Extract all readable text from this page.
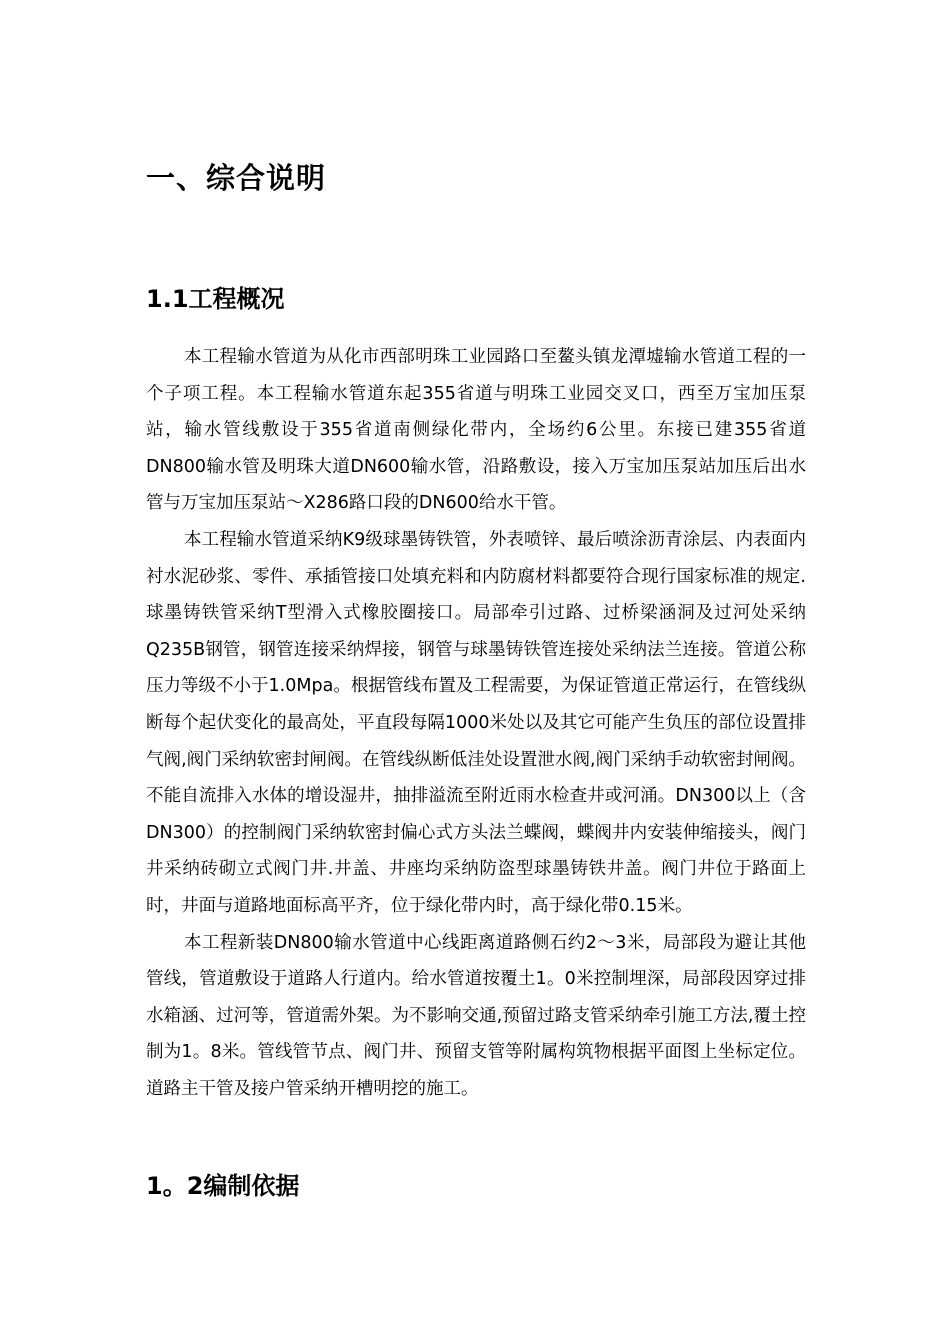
一、综合说明
1.1工程概况

本工程输水管道为从化市西部明珠工业园路口至鳌头镇龙潭墟输水管道工程的一个子项工程。本工程输水管道东起355省道与明珠工业园交叉口，西至万宝加压泵站，输水管线敷设于355省道南侧绿化带内，全场约6公里。东接已建355省道DN800输水管及明珠大道DN600输水管，沿路敷设，接入万宝加压泵站加压后出水管与万宝加压泵站～X286路口段的DN600给水干管。

本工程输水管道采纳K9级球墨铸铁管，外表喷锌、最后喷涂沥青涂层、内表面内衬水泥砂浆、零件、承插管接口处填充料和内防腐材料都要符合现行国家标准的规定.球墨铸铁管采纳T型滑入式橡胶圈接口。局部牵引过路、过桥梁涵洞及过河处采纳Q235B钢管，钢管连接采纳焊接，钢管与球墨铸铁管连接处采纳法兰连接。管道公称压力等级不小于1.0Mpa。根据管线布置及工程需要，为保证管道正常运行，在管线纵断每个起伏变化的最高处，平直段每隔1000米处以及其它可能产生负压的部位设置排气阀,阀门采纳软密封闸阀。在管线纵断低洼处设置泄水阀,阀门采纳手动软密封闸阀。不能自流排入水体的增设湿井，抽排溢流至附近雨水检查井或河涌。DN300以上（含DN300）的控制阀门采纳软密封偏心式方头法兰蝶阀，蝶阀井内安装伸缩接头，阀门井采纳砖砌立式阀门井.井盖、井座均采纳防盗型球墨铸铁井盖。阀门井位于路面上时，井面与道路地面标高平齐，位于绿化带内时，高于绿化带0.15米。

本工程新装DN800输水管道中心线距离道路侧石约2～3米，局部段为避让其他管线，管道敷设于道路人行道内。给水管道按覆土1。0米控制埋深，局部段因穿过排水箱涵、过河等，管道需外架。为不影响交通,预留过路支管采纳牵引施工方法,覆土控制为1。8米。管线管节点、阀门井、预留支管等附属构筑物根据平面图上坐标定位。道路主干管及接户管采纳开槽明挖的施工。

1。2编制依据
